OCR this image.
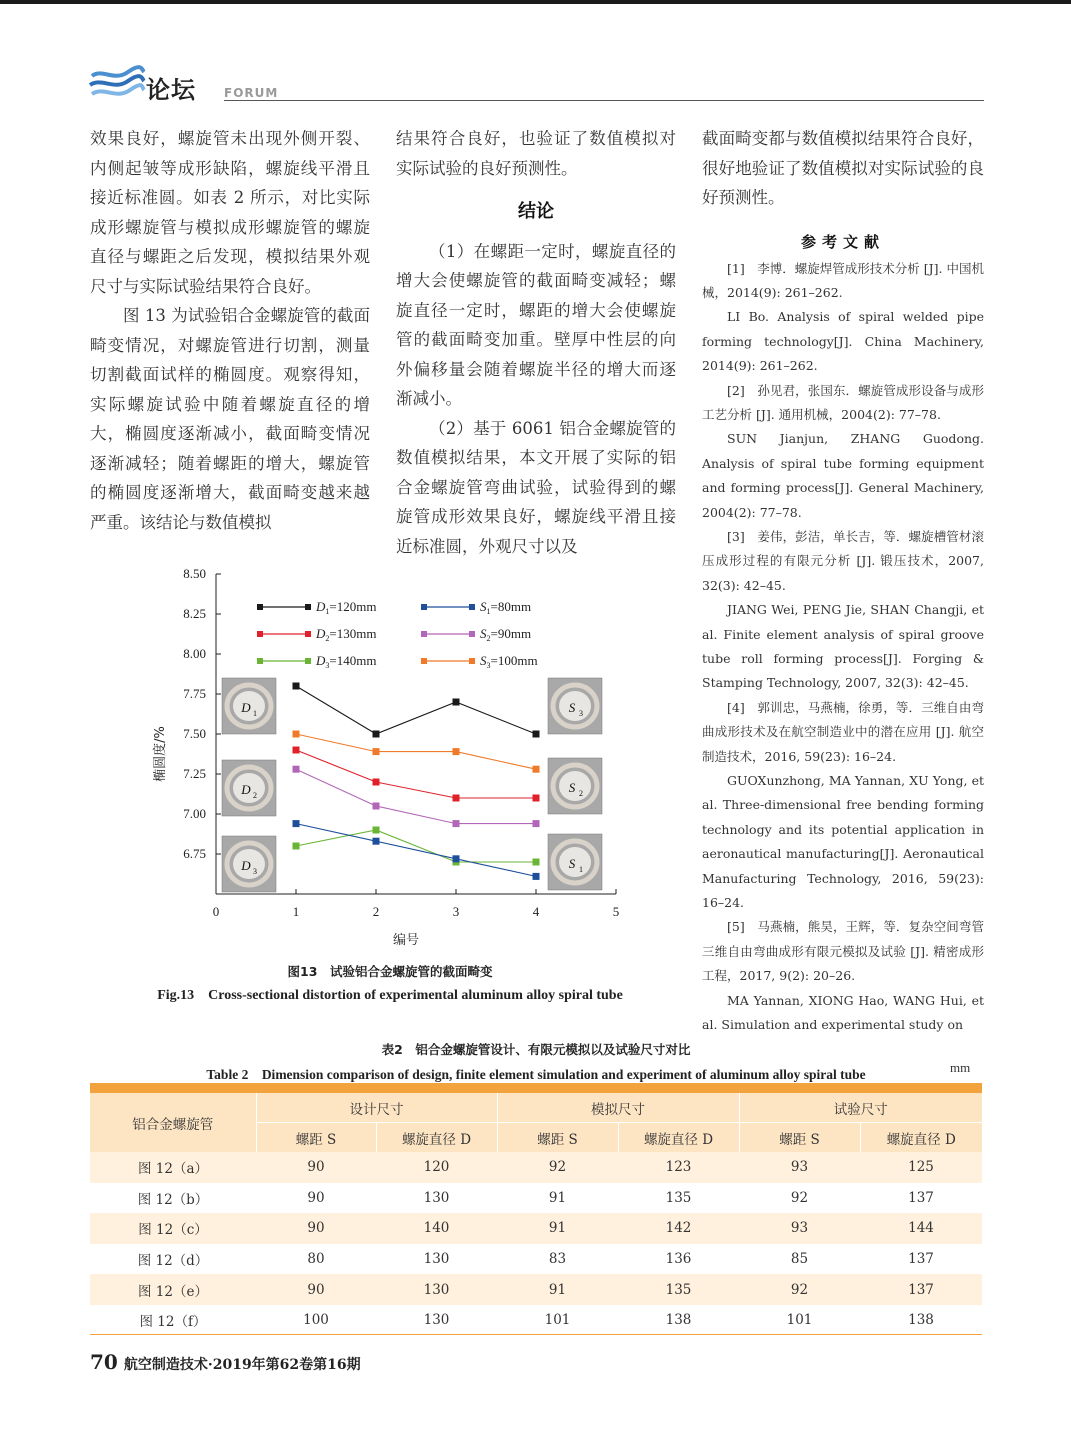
论坛 FORUM

效果良好，螺旋管未出现外侧开裂、内侧起皱等成形缺陷，螺旋线平滑且接近标准圆。如表 2 所示，对比实际成形螺旋管与模拟成形螺旋管的螺旋直径与螺距之后发现，模拟结果外观尺寸与实际试验结果符合良好。

图 13 为试验铝合金螺旋管的截面畸变情况，对螺旋管进行切割，测量切割截面试样的椭圆度。观察得知，实际螺旋试验中随着螺旋直径的增大，椭圆度逐渐减小，截面畸变情况逐渐减轻；随着螺距的增大，螺旋管的椭圆度逐渐增大，截面畸变越来越严重。该结论与数值模拟

结果符合良好，也验证了数值模拟对实际试验的良好预测性。

结论

（1）在螺距一定时，螺旋直径的增大会使螺旋管的截面畸变减轻；螺旋直径一定时，螺距的增大会使螺旋管的截面畸变加重。壁厚中性层的向外偏移量会随着螺旋半径的增大而逐渐减小。

（2）基于 6061 铝合金螺旋管的数值模拟结果，本文开展了实际的铝合金螺旋管弯曲试验，试验得到的螺旋管成形效果良好，螺旋线平滑且接近标准圆，外观尺寸以及

截面畸变都与数值模拟结果符合良好，很好地验证了数值模拟对实际试验的良好预测性。

参考文献

[1]　李博．螺旋焊管成形技术分析 [J]. 中国机械，2014(9): 261–262.

LI Bo. Analysis of spiral welded pipe forming technology[J]. China Machinery, 2014(9): 261–262.

[2]　孙见君，张国东．螺旋管成形设备与成形工艺分析 [J]. 通用机械，2004(2): 77–78.

SUN Jianjun, ZHANG Guodong. Analysis of spiral tube forming equipment and forming process[J]. General Machinery, 2004(2): 77–78.

[3]　姜伟，彭洁，单长吉，等．螺旋槽管材滚压成形过程的有限元分析 [J]. 锻压技术，2007, 32(3): 42–45.

JIANG Wei, PENG Jie, SHAN Changji, et al. Finite element analysis of spiral groove tube roll forming process[J]. Forging & Stamping Technology, 2007, 32(3): 42–45.

[4]　郭训忠，马燕楠，徐勇，等．三维自由弯曲成形技术及在航空制造业中的潜在应用 [J]. 航空制造技术，2016, 59(23): 16–24.

GUOXunzhong, MA Yannan, XU Yong, et al. Three-dimensional free bending forming technology and its potential application in aeronautical manufacturing[J]. Aeronautical Manufacturing Technology, 2016, 59(23): 16–24.

[5]　马燕楠，熊昊，王辉，等．复杂空间弯管三维自由弯曲成形有限元模拟及试验 [J]. 精密成形工程，2017, 9(2): 20–26.

MA Yannan, XIONG Hao, WANG Hui, et al. Simulation and experimental study on

0	1	2	3	4	5
8.50
8.25
8.00
7.75
7.50
7.25
7.00
6.75
编号
椭圆度/%
D 1
D 2
D 3
S 3
S 2
S 1
$D_1=120mm$
$D_2=130mm$
$D_3=140mm$
$S_1=80mm$
$S_2=90mm$
$S_3=100mm$
图13　试验铝合金螺旋管的截面畸变
Fig.13　Cross-sectional distortion of experimental aluminum alloy spiral tube
表2　铝合金螺旋管设计、有限元模拟以及试验尺寸对比
Table 2　Dimension comparison of design, finite element simulation and experiment of aluminum alloy spiral tube	mm
铝合金螺旋管	设计尺寸		模拟尺寸		试验尺寸	
	螺距 S	螺旋直径 D	螺距 S	螺旋直径 D	螺距 S	螺旋直径 D
图 12（a）	90	120	92	123	93	125
图 12（b）	90	130	91	135	92	137
图 12（c）	90	140	91	142	93	144
图 12（d）	80	130	83	136	85	137
图 12（e）	90	130	91	135	92	137
图 12（f）	100	130	101	138	101	138
70 航空制造技术·2019年第62卷第16期
